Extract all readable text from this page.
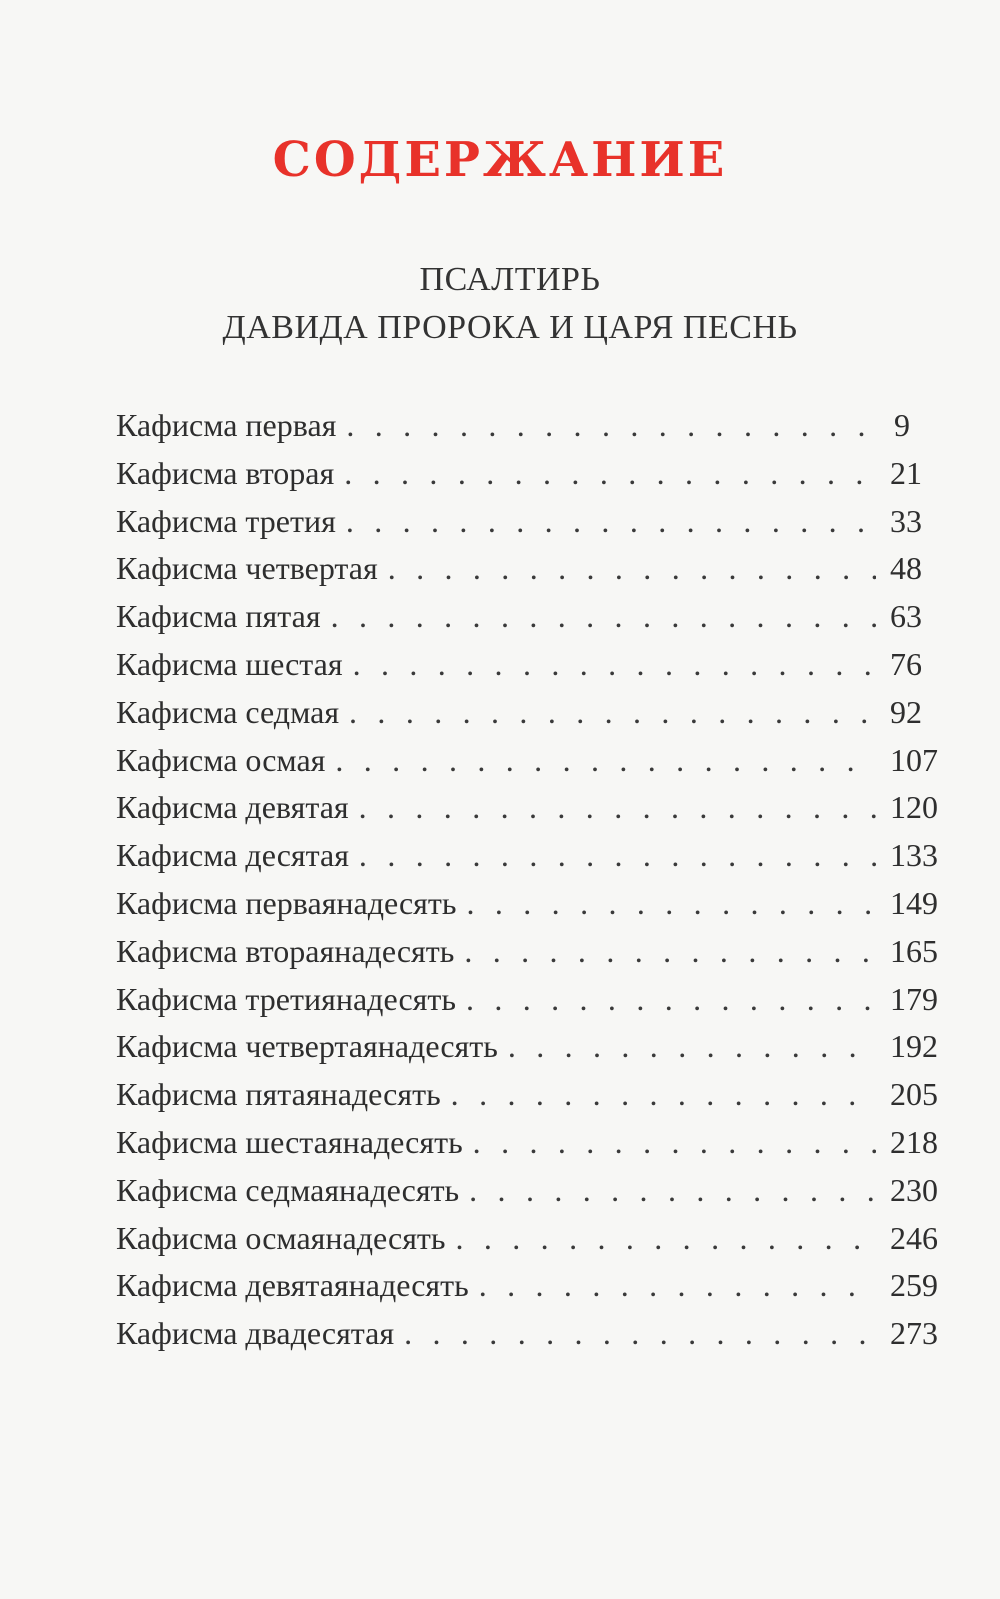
СОДЕРЖАНИЕ
ПСАЛТИРЬ
ДАВИДА ПРОРОКА И ЦАРЯ ПЕСНЬ
Кафисма первая . . .	9
Кафисма вторая . . .	21
Кафисма третия . . .	33
Кафисма четвертая . . .	48
Кафисма пятая . . .	63
Кафисма шестая . . .	76
Кафисма седмая . . .	92
Кафисма осмая . . .	107
Кафисма девятая . . .	120
Кафисма десятая . . .	133
Кафисма перваянадесять . . .	149
Кафисма втораянадесять . . .	165
Кафисма третиянадесять . . .	179
Кафисма четвертаянадесять . . .	192
Кафисма пятаянадесять . . .	205
Кафисма шестаянадесять . . .	218
Кафисма седмаянадесять . . .	230
Кафисма осмаянадесять . . .	246
Кафисма девятаянадесять . . .	259
Кафисма двадесятая . . .	273
